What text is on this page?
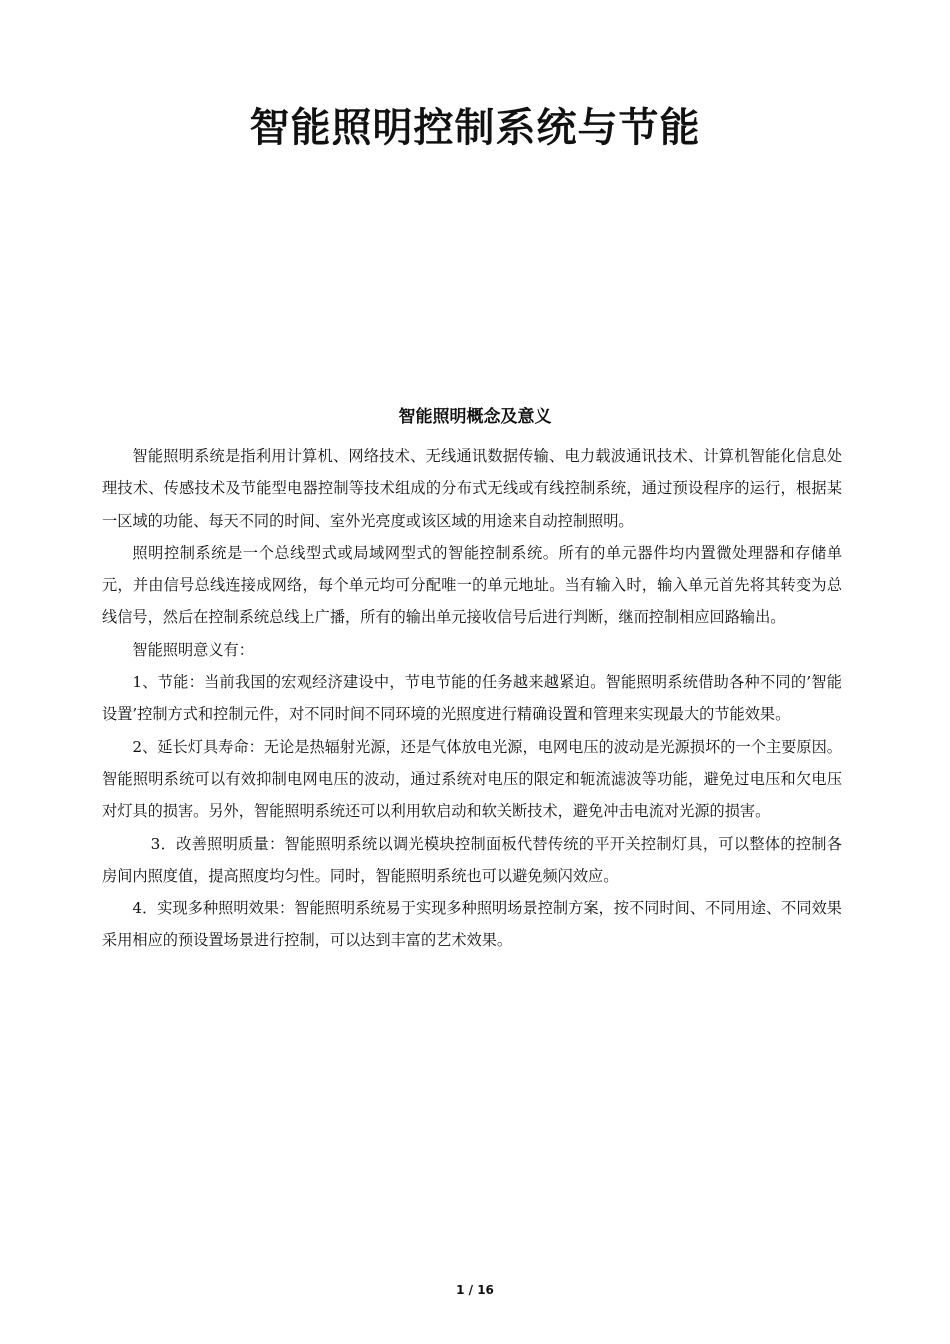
智能照明控制系统与节能
智能照明概念及意义

智能照明系统是指利用计算机、网络技术、无线通讯数据传输、电力载波通讯技术、计算机智能化信息处理技术、传感技术及节能型电器控制等技术组成的分布式无线或有线控制系统，通过预设程序的运行，根据某一区域的功能、每天不同的时间、室外光亮度或该区域的用途来自动控制照明。

照明控制系统是一个总线型式或局域网型式的智能控制系统。所有的单元器件均内置微处理器和存储单元，并由信号总线连接成网络，每个单元均可分配唯一的单元地址。当有输入时，输入单元首先将其转变为总线信号，然后在控制系统总线上广播，所有的输出单元接收信号后进行判断，继而控制相应回路输出。

智能照明意义有：

1、节能：当前我国的宏观经济建设中，节电节能的任务越来越紧迫。智能照明系统借助各种不同的’智能设置’控制方式和控制元件，对不同时间不同环境的光照度进行精确设置和管理来实现最大的节能效果。

2、延长灯具寿命：无论是热辐射光源，还是气体放电光源，电网电压的波动是光源损坏的一个主要原因。智能照明系统可以有效抑制电网电压的波动，通过系统对电压的限定和轭流滤波等功能，避免过电压和欠电压对灯具的损害。另外，智能照明系统还可以利用软启动和软关断技术，避免冲击电流对光源的损害。

3．改善照明质量：智能照明系统以调光模块控制面板代替传统的平开关控制灯具，可以整体的控制各房间内照度值，提高照度均匀性。同时，智能照明系统也可以避免频闪效应。

4．实现多种照明效果：智能照明系统易于实现多种照明场景控制方案，按不同时间、不同用途、不同效果采用相应的预设置场景进行控制，可以达到丰富的艺术效果。

1 / 16
